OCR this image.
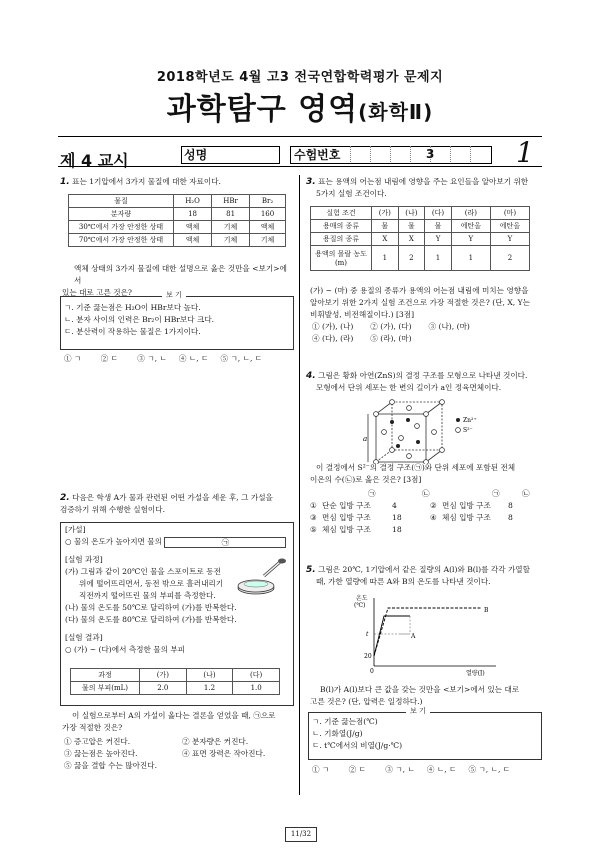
2018학년도 4월 고3 전국연합학력평가 문제지
과학탐구 영역(화학Ⅱ)
제 4 교시	성명	수험번호	3	1
1. 표는 1기압에서 3가지 물질에 대한 자료이다.
물질	H₂O	HBr	Br₂
분자량	18	81	160
30℃에서 가장 안정한 상태	액체	기체	액체
70℃에서 가장 안정한 상태	액체	기체	기체
액체 상태의 3가지 물질에 대한 설명으로 옳은 것만을 <보기>에서
있는 대로 고른 것은?	보 기
ㄱ. 기준 끓는점은 H₂O이 HBr보다 높다.
ㄴ. 분자 사이의 인력은 Br₂이 HBr보다 크다.
ㄷ. 분산력이 작용하는 물질은 1가지이다.
① ㄱ        ② ㄷ        ③ ㄱ, ㄴ     ④ ㄴ, ㄷ     ⑤ ㄱ, ㄴ, ㄷ
2. 다음은 학생 A가 물과 관련된 어떤 가설을 세운 후, 그 가설을
검증하기 위해 수행한 실험이다.
[가설]
○ 물의 온도가 높아지면 물의	㉠
[실험 과정]
(가) 그림과 같이 20℃인 물을 스포이트로 동전
위에 떨어뜨리면서, 동전 밖으로 흘러내리기
직전까지 떨어뜨린 물의 부피를 측정한다.
(나) 물의 온도를 50℃로 달리하여 (가)를 반복한다.
(다) 물의 온도를 80℃로 달리하여 (가)를 반복한다.
[실험 결과]
○ (가) ~ (다)에서 측정한 물의 부피
과정	(가)	(나)	(다)
물의 부피(mL)	2.0	1.2	1.0
이 실험으로부터 A의 가설이 옳다는 결론을 얻었을 때, ㉠으로
가장 적절한 것은?
① 증고압은 커진다.	② 분자량은 커진다.
③ 끓는점은 높아진다.	④ 표면 장력은 작아진다.
⑤ 끓을 결합 수는 많아진다.
3. 표는 용액의 어는점 내림에 영향을 주는 요인들을 알아보기 위한
5가지 실험 조건이다.
실험 조건	(가)	(나)	(다)	(라)	(마)
용매의 종류	물	물	물	에탄올	에탄올
용질의 종류	X	X	Y	Y	Y
용액의 몰랄 농도(m)	1	2	1	1	2
(가) ~ (마) 중 용질의 종류가 용액의 어는점 내림에 미치는 영향을
알아보기 위한 2가지 실험 조건으로 가장 적절한 것은? (단, X, Y는
비휘발성, 비전해질이다.) [3점]
① (가), (나)       ② (가), (다)       ③ (나), (마)
④ (다), (라)       ⑤ (라), (마)
4. 그림은 황화 아연(ZnS)의 결정 구조를 모형으로 나타낸 것이다.
모형에서 단위 세포는 한 변의 길이가 a인 정육면체이다.
a
Zn²⁺
S²⁻
이 결정에서 S²⁻의 결정 구조(㉠)와 단위 세포에 포함된 전체
이온의 수(㉡)로 옳은 것은? [3점]
㉠	㉡	㉠	㉡
① 단순 입방 구조	4	② 면심 입방 구조 8
③ 면심 입방 구조	18	④ 체심 입방 구조 8
⑤ 체심 입방 구조	18
5. 그림은 20℃, 1기압에서 같은 질량의 A(l)와 B(l)를 각각 가열할
때, 가한 열량에 따른 A와 B의 온도를 나타낸 것이다.
온도
(℃)
t
20
0	열량(J)
A
B
B(l)가 A(l)보다 큰 값을 갖는 것만을 <보기>에서 있는 대로
고른 것은? (단, 압력은 일정하다.)
보 기
ㄱ. 기준 끓는점(℃)
ㄴ. 기화열(J/g)
ㄷ. t℃에서의 비열(J/g·℃)
① ㄱ        ② ㄷ        ③ ㄱ, ㄴ     ④ ㄴ, ㄷ     ⑤ ㄱ, ㄴ, ㄷ
11/32
